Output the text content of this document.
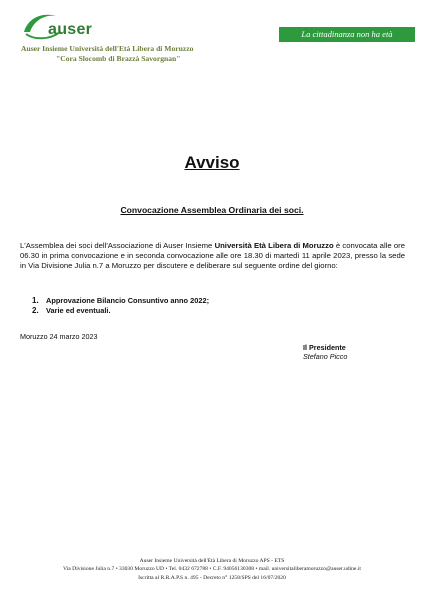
auser
Auser Insieme Università dell'Età Libera di Moruzzo
"Cora Slocomb di Brazzà Savorgnan"
La cittadinanza non ha età
Avviso
Convocazione Assemblea Ordinaria dei soci.
L'Assemblea dei soci dell'Associazione di Auser Insieme Università Età Libera di Moruzzo è convocata alle ore 06.30 in prima convocazione e in seconda convocazione alle ore 18.30 di martedì 11 aprile 2023, presso la sede in Via Divisione Julia n.7 a Moruzzo per discutere e deliberare sul seguente ordine del giorno:
1. Approvazione Bilancio Consuntivo anno 2022;
2. Varie ed eventuali.
Moruzzo 24 marzo 2023
Il Presidente
Stefano Picco
Auser Insieme Università dell'Età Libera di Moruzzo APS - ETS
Via Divisione Julia n.7 • 33030 Moruzzo UD • Tel. 0432 672788 • C.F. 94056130308 • mail. universitaliberamoruzzo@auser.udine.it
Iscritta al R.R.A.P.S n. 495 - Decreto n° 1258/SPS del 16/07/2020
